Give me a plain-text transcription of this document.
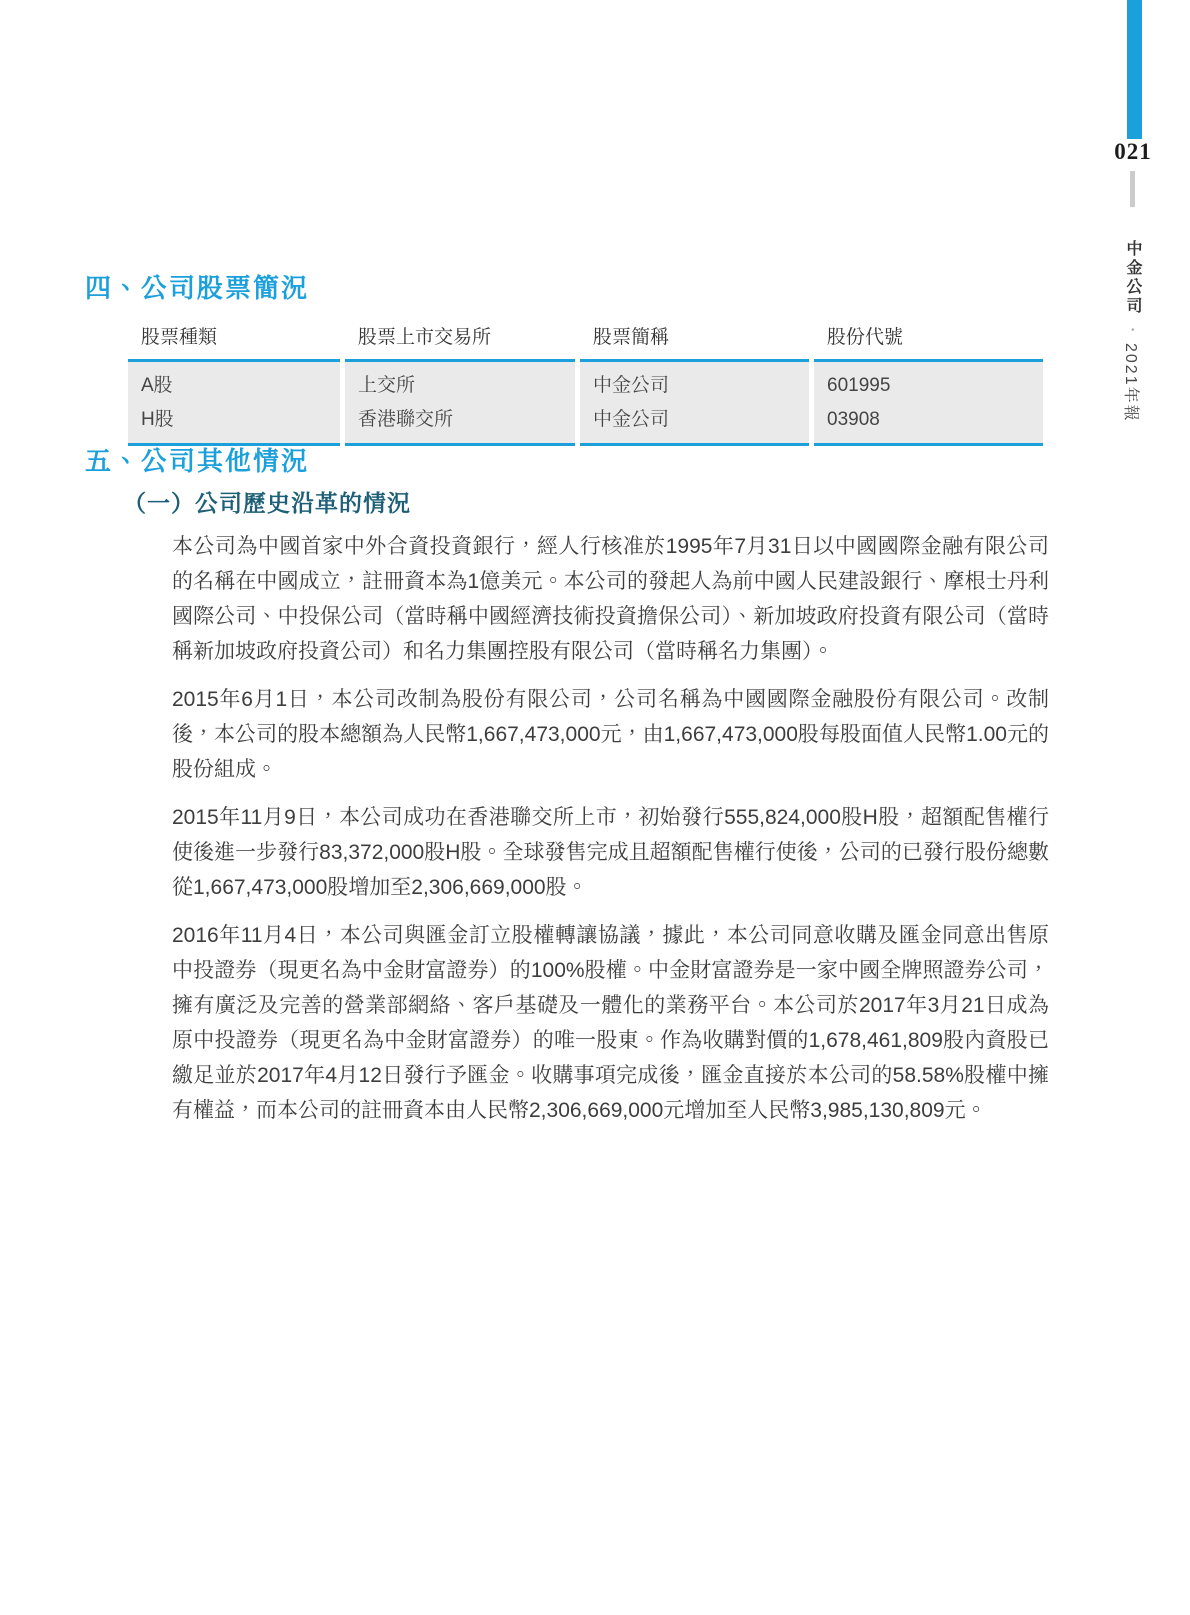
021
中金公司
•
2021年報
四、公司股票簡況
股票種類	股票上市交易所	股票簡稱	股份代號
A股	上交所	中金公司	601995
H股	香港聯交所	中金公司	03908
五、公司其他情況
（一）公司歷史沿革的情況

本公司為中國首家中外合資投資銀行，經人行核准於1995年7月31日以中國國際金融有限公司的名稱在中國成立，註冊資本為1億美元。本公司的發起人為前中國人民建設銀行、摩根士丹利國際公司、中投保公司（當時稱中國經濟技術投資擔保公司）、新加坡政府投資有限公司（當時稱新加坡政府投資公司）和名力集團控股有限公司（當時稱名力集團）。

2015年6月1日，本公司改制為股份有限公司，公司名稱為中國國際金融股份有限公司。改制後，本公司的股本總額為人民幣1,667,473,000元，由1,667,473,000股每股面值人民幣1.00元的股份組成。

2015年11月9日，本公司成功在香港聯交所上市，初始發行555,824,000股H股，超額配售權行使後進一步發行83,372,000股H股。全球發售完成且超額配售權行使後，公司的已發行股份總數從1,667,473,000股增加至2,306,669,000股。

2016年11月4日，本公司與匯金訂立股權轉讓協議，據此，本公司同意收購及匯金同意出售原中投證券（現更名為中金財富證券）的100%股權。中金財富證券是一家中國全牌照證券公司，擁有廣泛及完善的營業部網絡、客戶基礎及一體化的業務平台。本公司於2017年3月21日成為原中投證券（現更名為中金財富證券）的唯一股東。作為收購對價的1,678,461,809股內資股已繳足並於2017年4月12日發行予匯金。收購事項完成後，匯金直接於本公司的58.58%股權中擁有權益，而本公司的註冊資本由人民幣2,306,669,000元增加至人民幣3,985,130,809元。
